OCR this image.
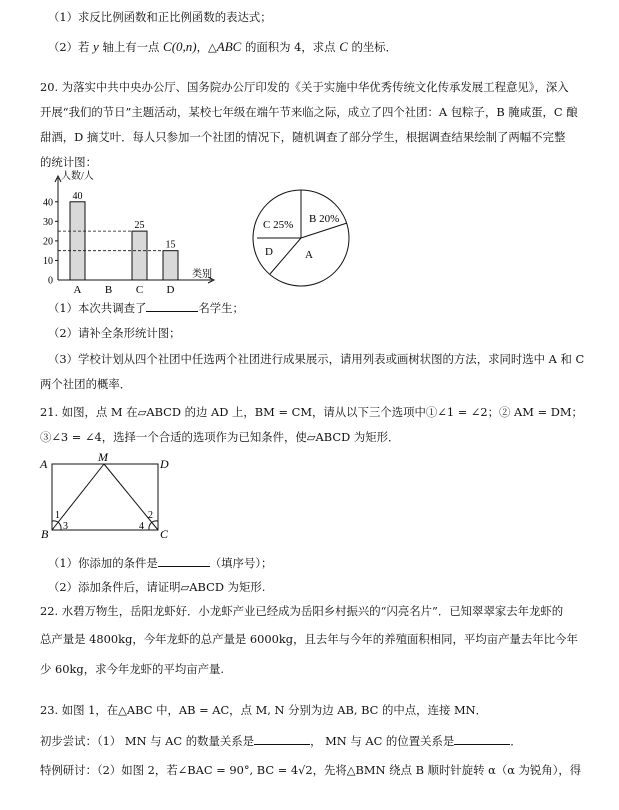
（1）求反比例函数和正比例函数的表达式；
（2）若 y 轴上有一点 C(0,n)，△ABC 的面积为 4，求点 C 的坐标．
20. 为落实中共中央办公厅、国务院办公厅印发的《关于实施中华优秀传统文化传承发展工程意见》，深入
开展“我们的节日”主题活动，某校七年级在端午节来临之际，成立了四个社团：A 包粽子，B 腌咸蛋，C 酿
甜酒，D 摘艾叶．每人只参加一个社团的情况下，随机调查了部分学生，根据调查结果绘制了两幅不完整
的统计图：
人数/人
类别
0
10
20
30
40
40
A B
25
C
15
D
B 20%
C 25%
D	A
（1）本次共调查了	名学生；
（2）请补全条形统计图；
（3）学校计划从四个社团中任选两个社团进行成果展示，请用列表或画树状图的方法，求同时选中 A 和 C
两个社团的概率．
21. 如图，点 M 在▱ABCD 的边 AD 上，BM = CM，请从以下三个选项中①∠1 = ∠2；② AM = DM；
③∠3 = ∠4，选择一个合适的选项作为已知条件，使▱ABCD 为矩形．
A	M	D
B	C
1
3
2
4
（1）你添加的条件是	（填序号）；
（2）添加条件后，请证明▱ABCD 为矩形.
22. 水碧万物生，岳阳龙虾好．小龙虾产业已经成为岳阳乡村振兴的“闪亮名片”．已知翠翠家去年龙虾的
总产量是 4800kg，今年龙虾的总产量是 6000kg，且去年与今年的养殖面积相同，平均亩产量去年比今年
少 60kg，求今年龙虾的平均亩产量.
23. 如图 1，在△ABC 中，AB = AC，点 M, N 分别为边 AB, BC 的中点，连接 MN．
初步尝试：（1） MN 与 AC 的数量关系是	， MN 与 AC 的位置关系是	．
特例研讨：（2）如图 2，若∠BAC = 90°, BC = 4√2，先将△BMN 绕点 B 顺时针旋转 α（α 为锐角），得
